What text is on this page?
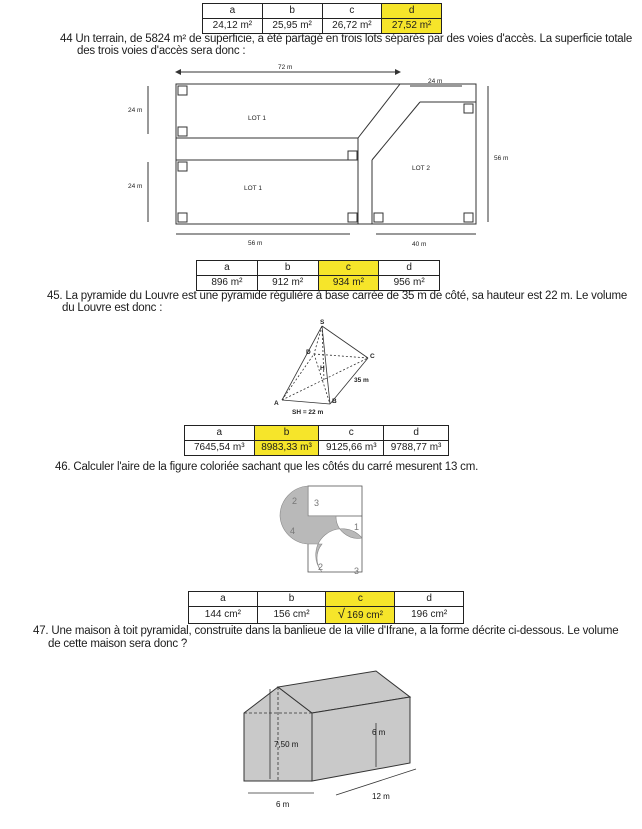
a	b	c	d
24,12 m²	25,95 m²	26,72 m²	27,52 m²
44 Un terrain, de 5824 m² de superficie, a été partagé en trois lots séparés par des voies d'accès. La superficie totale
des trois voies d'accès sera donc :
72 m
24 m
24 m
24 m
56 m
56 m	40 m
LOT 1
LOT 1
LOT 2
a	b	c	d
896 m²	912 m²	934 m²	956 m²
45. La pyramide du Louvre est une pyramide régulière à base carrée de 35 m de côté, sa hauteur est 22 m. Le volume
du Louvre est donc :
S
A	B
C
D
H
35 m
SH = 22 m
a	b	c	d
7645,54 m³	8983,33 m³	9125,66 m³	9788,77 m³
46. Calculer l'aire de la figure coloriée sachant que les côtés du carré mesurent 13 cm.
2 3
1
4
2	3
a	b	c	d
144 cm²	156 cm²	√ 169 cm²	196 cm²
47. Une maison à toit pyramidal, construite dans la banlieue de la ville d'Ifrane, a la forme décrite ci-dessous. Le volume
de cette maison sera donc ?
7,50 m
6 m
12 m
6 m
